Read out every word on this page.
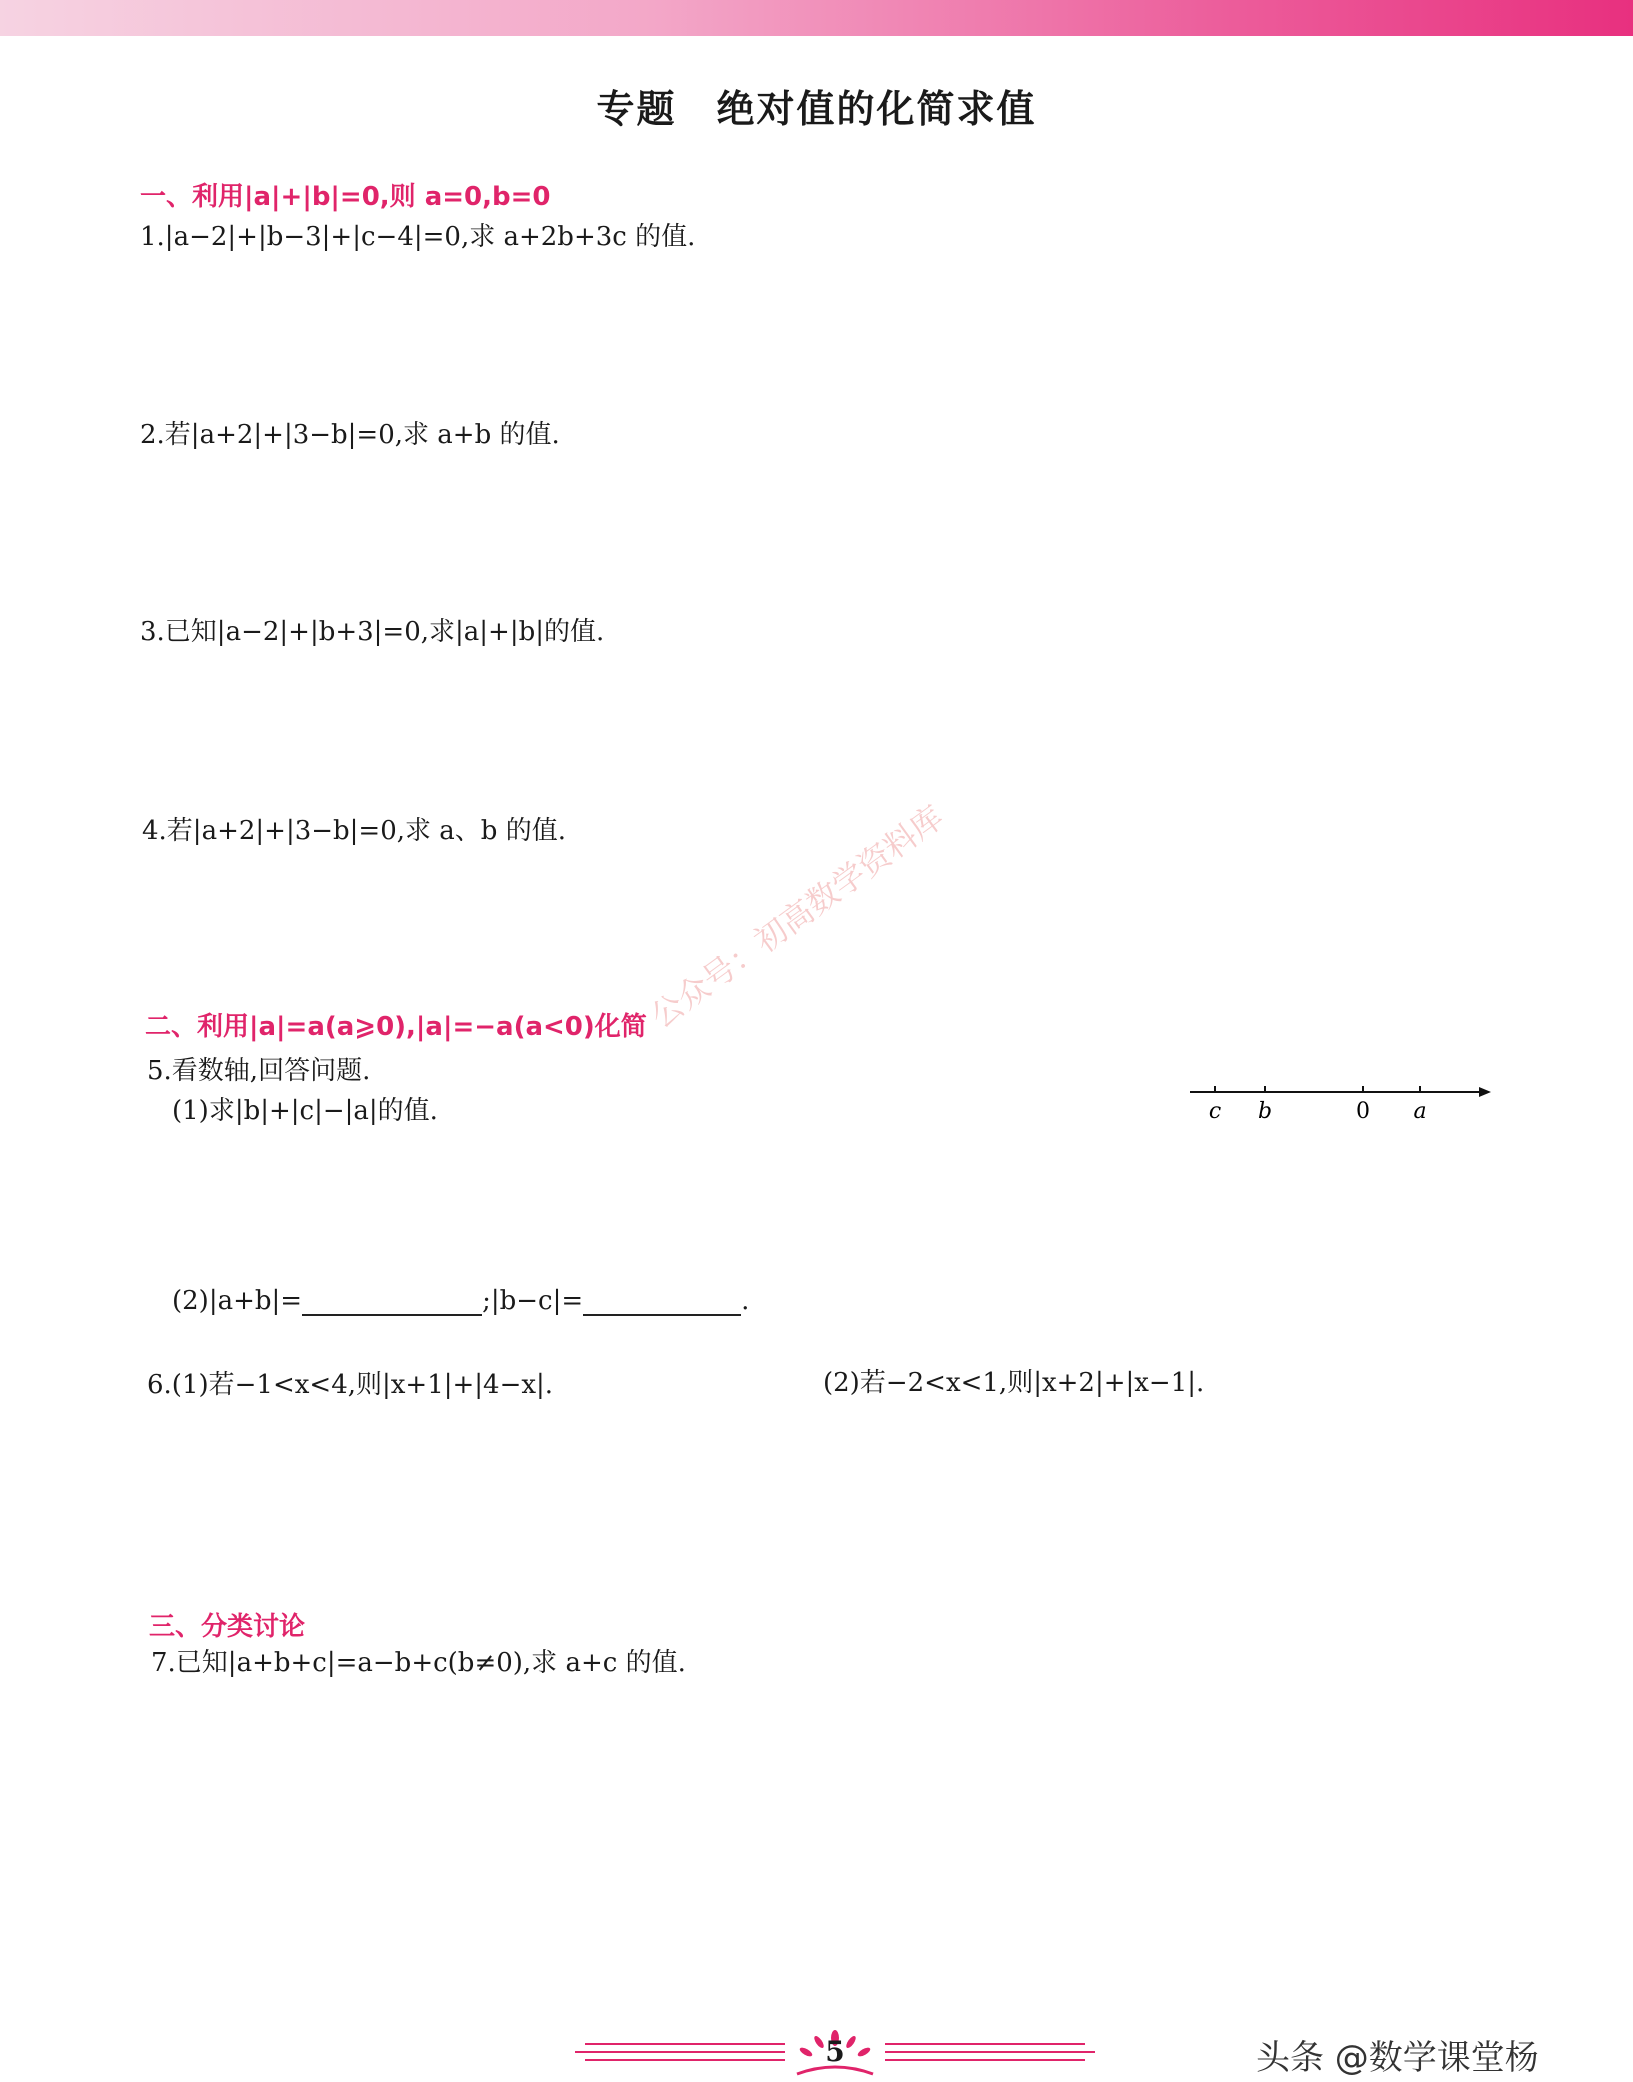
专题　绝对值的化简求值
一、利用|a|+|b|=0,则 a=0,b=0
1.|a−2|+|b−3|+|c−4|=0,求 a+2b+3c 的值.
2.若|a+2|+|3−b|=0,求 a+b 的值.
3.已知|a−2|+|b+3|=0,求|a|+|b|的值.
4.若|a+2|+|3−b|=0,求 a、b 的值. 公众号：初高数学资料库
二、利用|a|=a(a⩾0),|a|=−a(a<0)化简
5.看数轴,回答问题.
(1)求|b|+|c|−|a|的值.	c b	0 a
(2)|a+b|=	;|b−c|=	.
6.(1)若−1<x<4,则|x+1|+|4−x|.	(2)若−2<x<1,则|x+2|+|x−1|.
三、分类讨论
7.已知|a+b+c|=a−b+c(b≠0),求 a+c 的值.
5	头条 @数学课堂杨
